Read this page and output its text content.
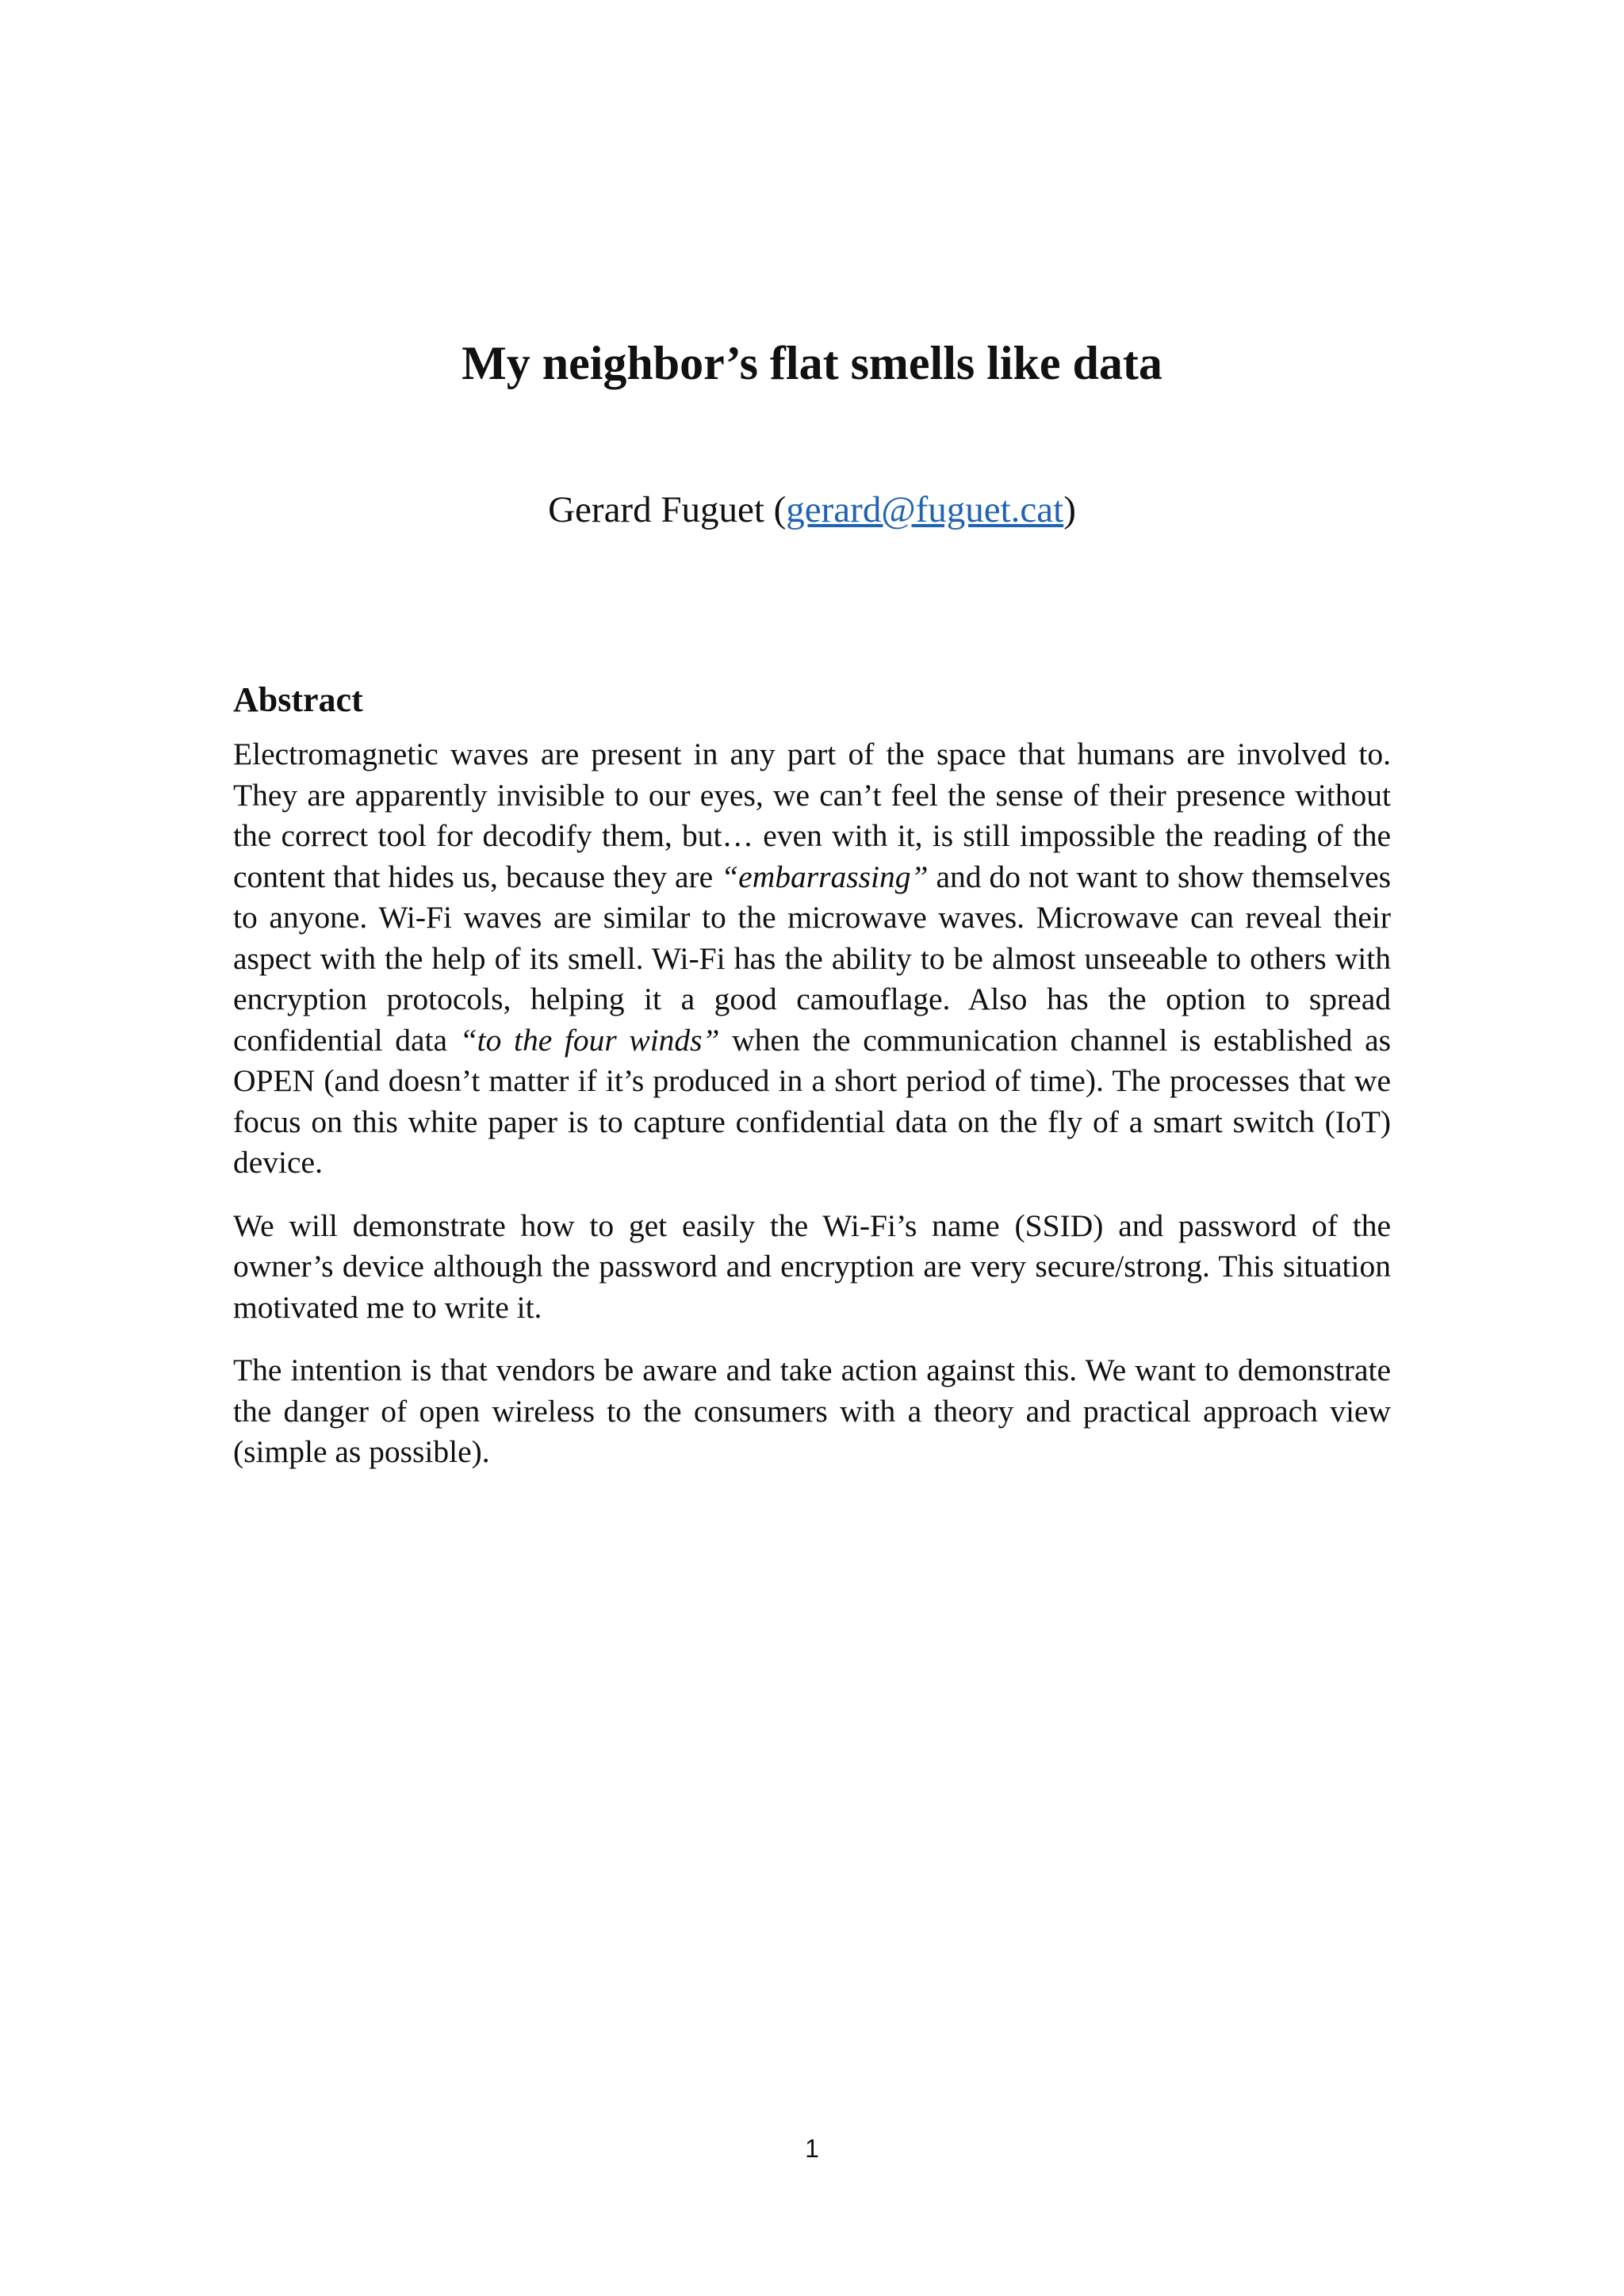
My neighbor’s flat smells like data

Gerard Fuguet (gerard@fuguet.cat)

Abstract

Electromagnetic waves are present in any part of the space that humans are involved to. They are apparently invisible to our eyes, we can’t feel the sense of their presence without the correct tool for decodify them, but… even with it, is still impossible the reading of the content that hides us, because they are “embarrassing” and do not want to show themselves to anyone. Wi-Fi waves are similar to the microwave waves. Microwave can reveal their aspect with the help of its smell. Wi-Fi has the ability to be almost unseeable to others with encryption protocols, helping it a good camouflage. Also has the option to spread confidential data “to the four winds” when the communication channel is established as OPEN (and doesn’t matter if it’s produced in a short period of time). The processes that we focus on this white paper is to capture confidential data on the fly of a smart switch (IoT) device.

We will demonstrate how to get easily the Wi-Fi’s name (SSID) and password of the owner’s device although the password and encryption are very secure/strong. This situation motivated me to write it.

The intention is that vendors be aware and take action against this. We want to demonstrate the danger of open wireless to the consumers with a theory and practical approach view (simple as possible).

1
